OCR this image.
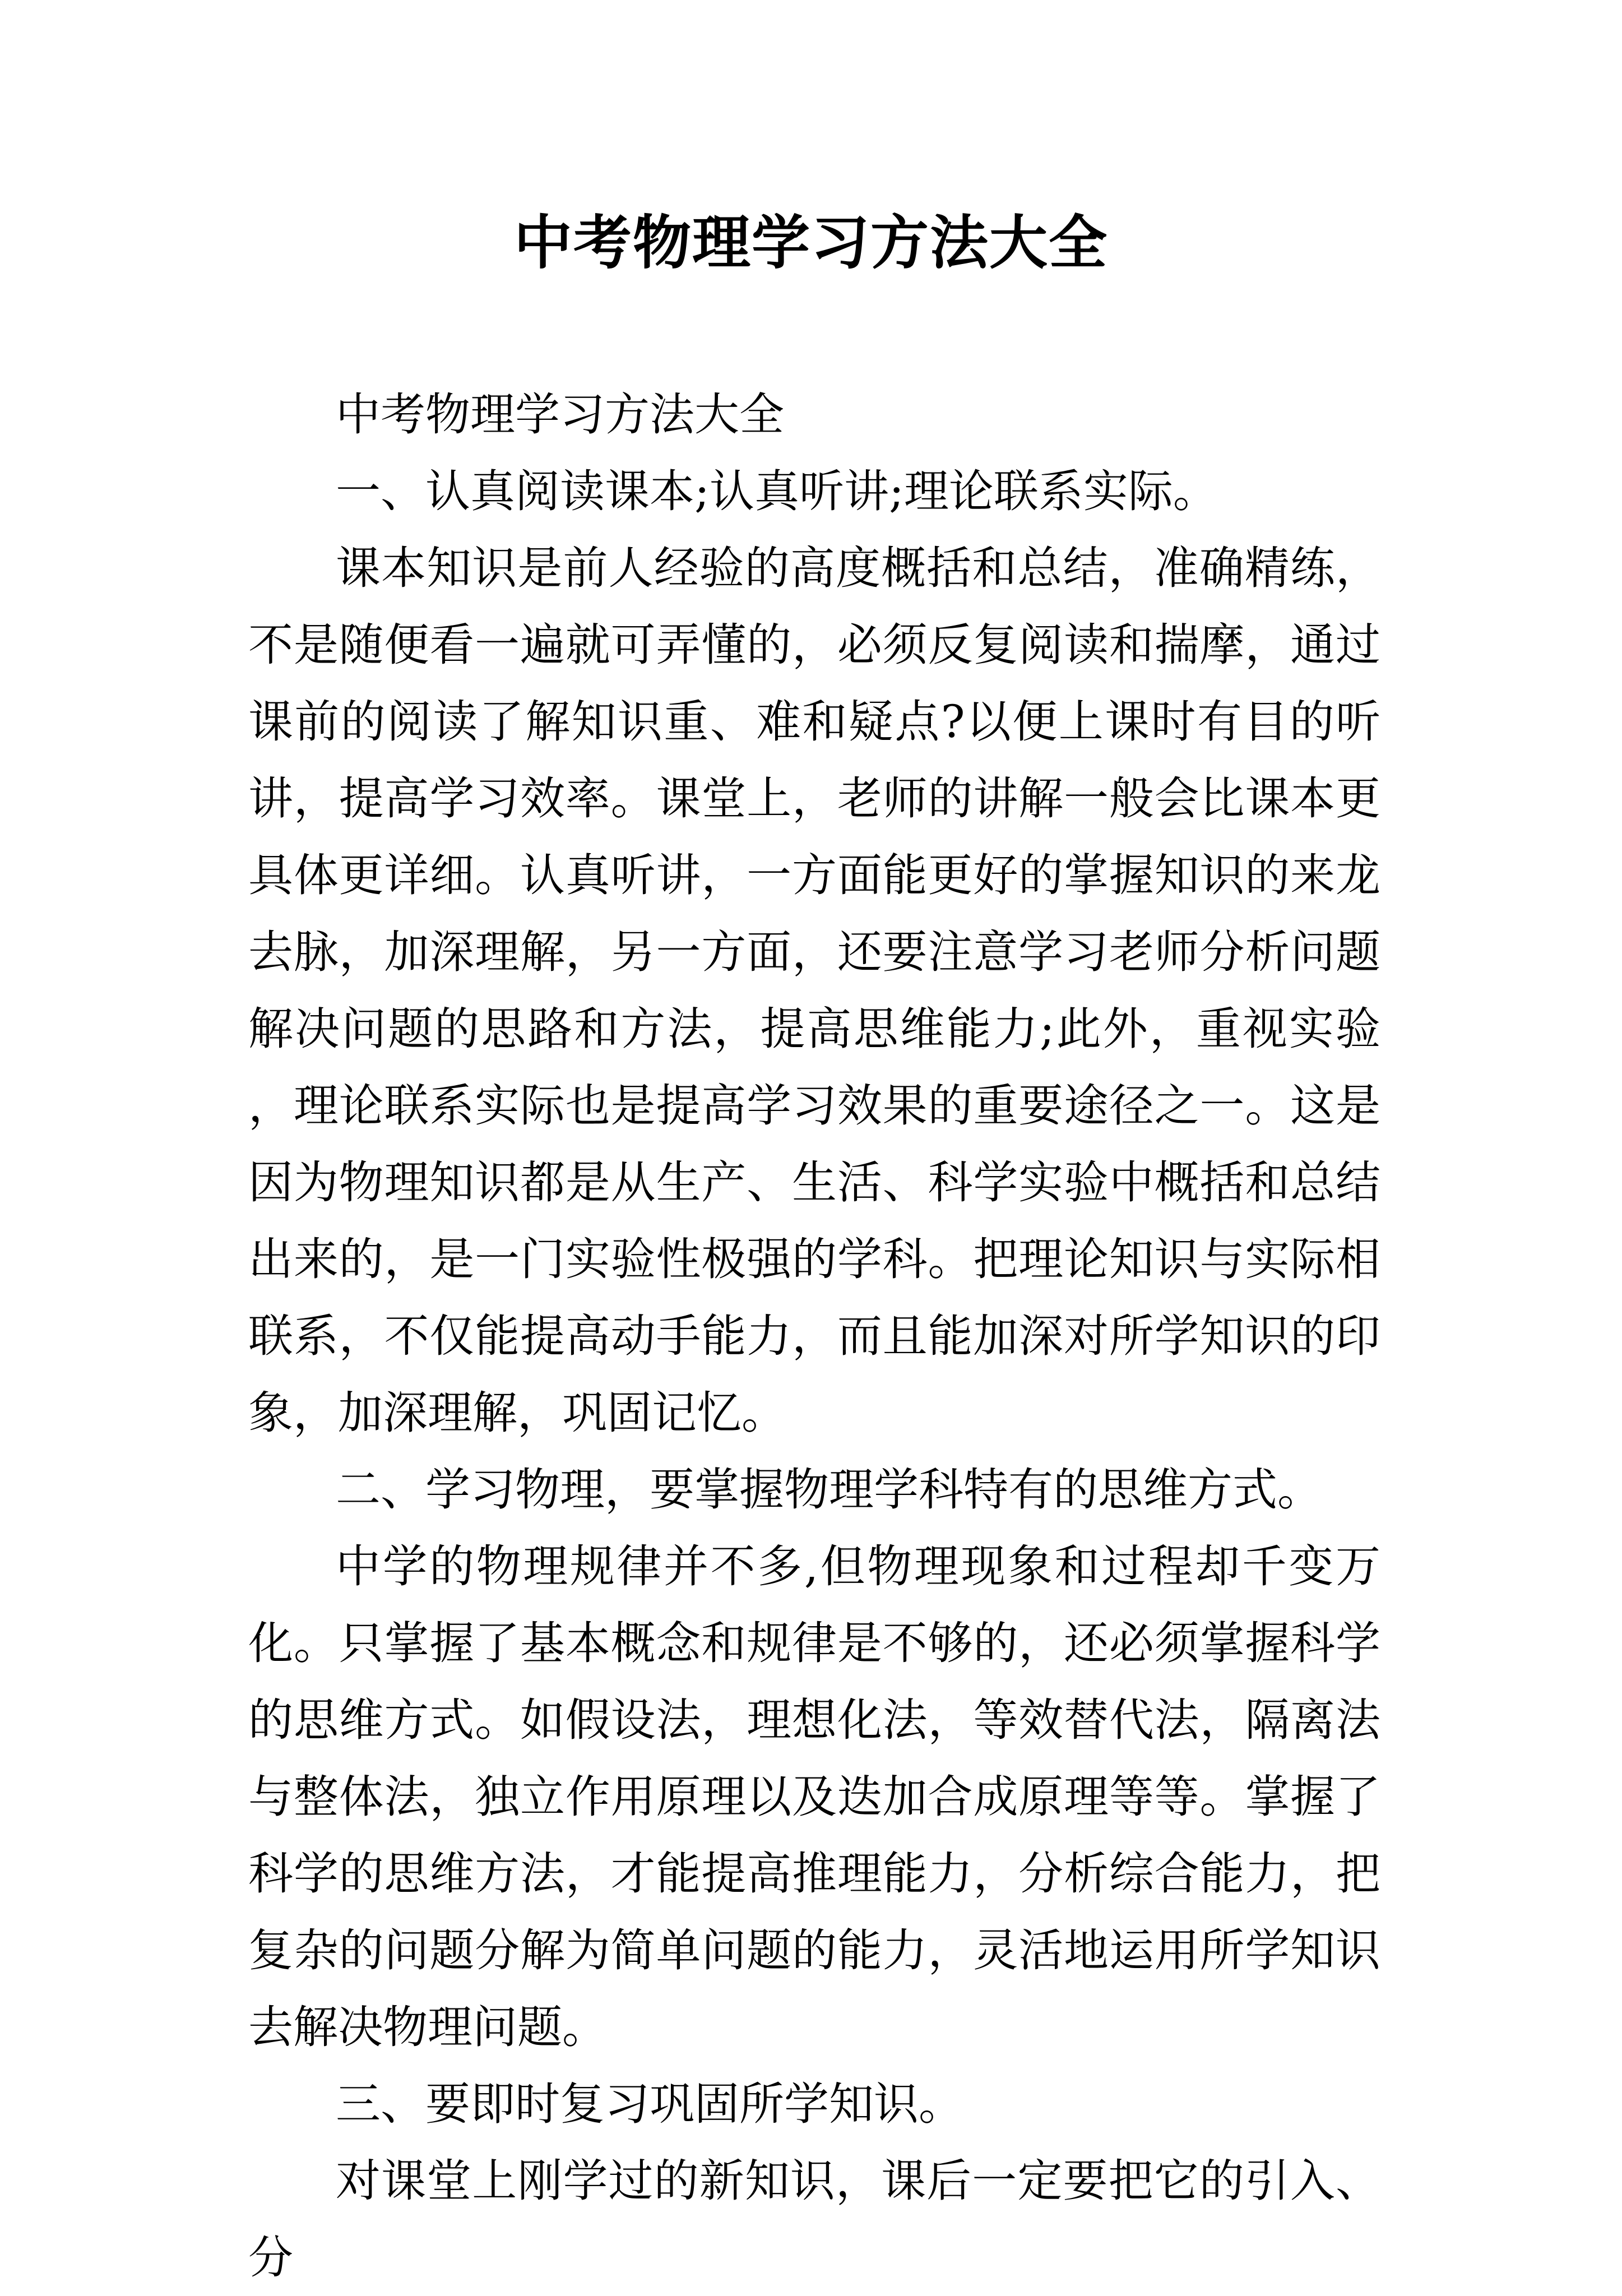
中考物理学习方法大全

中考物理学习方法大全

一、认真阅读课本;认真听讲;理论联系实际。

课本知识是前人经验的高度概括和总结，准确精练，不是随便看一遍就可弄懂的，必须反复阅读和揣摩，通过课前的阅读了解知识重、难和疑点?以便上课时有目的听讲，提高学习效率。课堂上，老师的讲解一般会比课本更具体更详细。认真听讲，一方面能更好的掌握知识的来龙去脉，加深理解，另一方面，还要注意学习老师分析问题解决问题的思路和方法，提高思维能力;此外，重视实验，理论联系实际也是提高学习效果的重要途径之一。这是因为物理知识都是从生产、生活、科学实验中概括和总结出来的，是一门实验性极强的学科。把理论知识与实际相联系，不仅能提高动手能力，而且能加深对所学知识的印象，加深理解，巩固记忆。

二、学习物理，要掌握物理学科特有的思维方式。

中学的物理规律并不多,但物理现象和过程却千变万化。只掌握了基本概念和规律是不够的，还必须掌握科学的思维方式。如假设法，理想化法，等效替代法，隔离法与整体法，独立作用原理以及迭加合成原理等等。掌握了科学的思维方法，才能提高推理能力，分析综合能力，把复杂的问题分解为简单问题的能力，灵活地运用所学知识去解决物理问题。

三、要即时复习巩固所学知识。

对课堂上刚学过的新知识，课后一定要把它的引入、分
